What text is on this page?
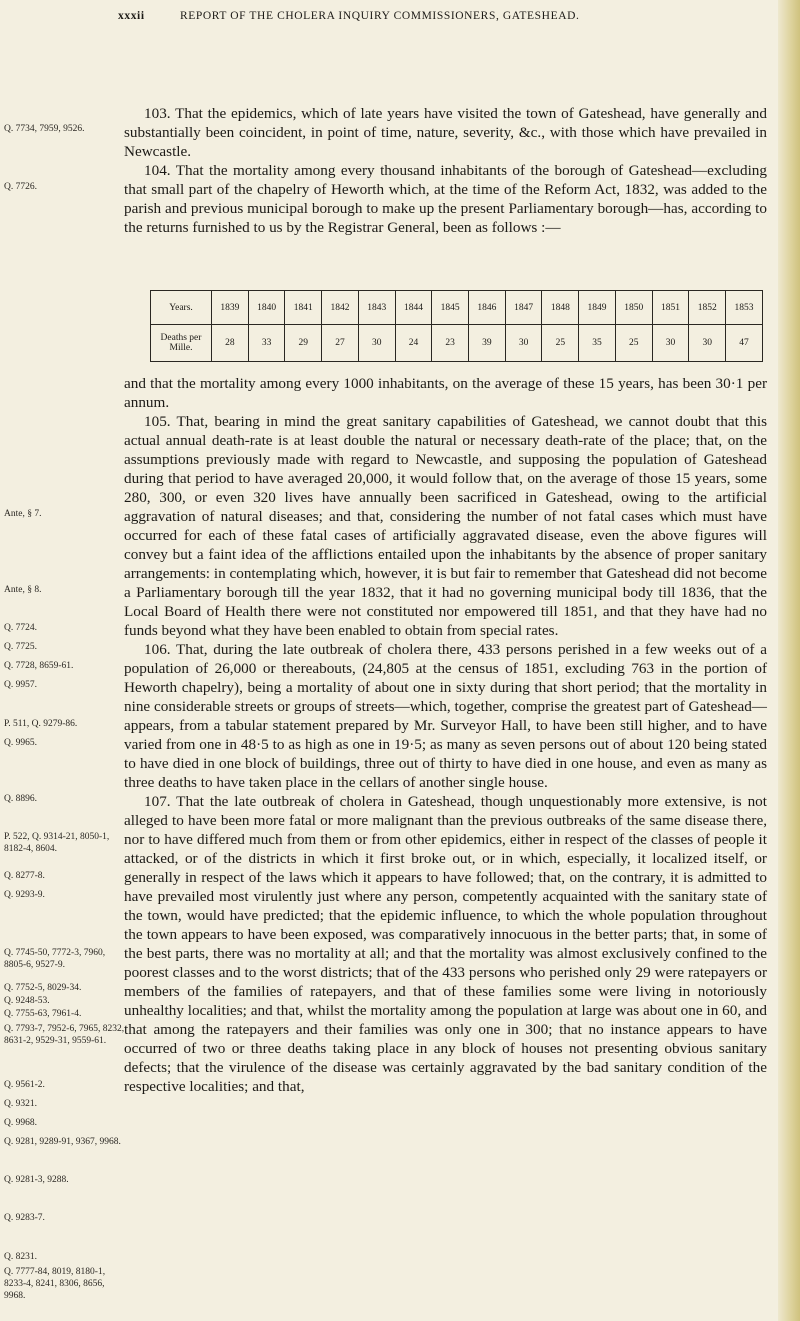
xxxii	REPORT OF THE CHOLERA INQUIRY COMMISSIONERS, GATESHEAD.
Q. 7734, 7959, 9526.
Q. 7726.
Ante, § 7.
Ante, § 8.
Q. 7724.
Q. 7725.
Q. 7728, 8659-61.
Q. 9957.
P. 511, Q. 9279-86.
Q. 9965.
Q. 8896.
P. 522, Q. 9314-21, 8050-1, 8182-4, 8604.
Q. 8277-8.
Q. 9293-9.
Q. 7745-50, 7772-3, 7960, 8805-6, 9527-9.
Q. 7752-5, 8029-34.
Q. 9248-53.
Q. 7755-63, 7961-4.
Q. 7793-7, 7952-6, 7965, 8232, 8631-2, 9529-31, 9559-61.
Q. 9561-2.
Q. 9321.
Q. 9968.
Q. 9281, 9289-91, 9367, 9968.
Q. 9281-3, 9288.
Q. 9283-7.
Q. 8231.
Q. 7777-84, 8019, 8180-1, 8233-4, 8241, 8306, 8656, 9968.

103. That the epidemics, which of late years have visited the town of Gateshead, have generally and substantially been coincident, in point of time, nature, severity, &c., with those which have prevailed in Newcastle.

104. That the mortality among every thousand inhabitants of the borough of Gateshead—excluding that small part of the chapelry of Heworth which, at the time of the Reform Act, 1832, was added to the parish and previous municipal borough to make up the present Parliamentary borough—has, according to the returns furnished to us by the Registrar General, been as follows :—

Years.	1839	1840	1841	1842	1843	1844	1845	1846	1847	1848	1849	1850	1851	1852	1853
Deaths per Mille.	28	33	29	27	30	24	23	39	30	25	35	25	30	30	47

and that the mortality among every 1000 inhabitants, on the average of these 15 years, has been 30·1 per annum.

105. That, bearing in mind the great sanitary capabilities of Gateshead, we cannot doubt that this actual annual death-rate is at least double the natural or necessary death-rate of the place; that, on the assumptions previously made with regard to Newcastle, and supposing the population of Gateshead during that period to have averaged 20,000, it would follow that, on the average of those 15 years, some 280, 300, or even 320 lives have annually been sacrificed in Gateshead, owing to the artificial aggravation of natural diseases; and that, considering the number of not fatal cases which must have occurred for each of these fatal cases of artificially aggravated disease, even the above figures will convey but a faint idea of the afflictions entailed upon the inhabitants by the absence of proper sanitary arrangements: in contemplating which, however, it is but fair to remember that Gateshead did not become a Parliamentary borough till the year 1832, that it had no governing municipal body till 1836, that the Local Board of Health there were not constituted nor empowered till 1851, and that they have had no funds beyond what they have been enabled to obtain from special rates.

106. That, during the late outbreak of cholera there, 433 persons perished in a few weeks out of a population of 26,000 or thereabouts, (24,805 at the census of 1851, excluding 763 in the portion of Heworth chapelry), being a mortality of about one in sixty during that short period; that the mortality in nine considerable streets or groups of streets—which, together, comprise the greatest part of Gateshead—appears, from a tabular statement prepared by Mr. Surveyor Hall, to have been still higher, and to have varied from one in 48·5 to as high as one in 19·5; as many as seven persons out of about 120 being stated to have died in one block of buildings, three out of thirty to have died in one house, and even as many as three deaths to have taken place in the cellars of another single house.

107. That the late outbreak of cholera in Gateshead, though unquestionably more extensive, is not alleged to have been more fatal or more malignant than the previous outbreaks of the same disease there, nor to have differed much from them or from other epidemics, either in respect of the classes of people it attacked, or of the districts in which it first broke out, or in which, especially, it localized itself, or generally in respect of the laws which it appears to have followed; that, on the contrary, it is admitted to have prevailed most virulently just where any person, competently acquainted with the sanitary state of the town, would have predicted; that the epidemic influence, to which the whole population throughout the town appears to have been exposed, was comparatively innocuous in the better parts; that, in some of the best parts, there was no mortality at all; and that the mortality was almost exclusively confined to the poorest classes and to the worst districts; that of the 433 persons who perished only 29 were ratepayers or members of the families of ratepayers, and that of these families some were living in notoriously unhealthy localities; and that, whilst the mortality among the population at large was about one in 60, and that among the ratepayers and their families was only one in 300; that no instance appears to have occurred of two or three deaths taking place in any block of houses not presenting obvious sanitary defects; that the virulence of the disease was certainly aggravated by the bad sanitary condition of the respective localities; and that,
